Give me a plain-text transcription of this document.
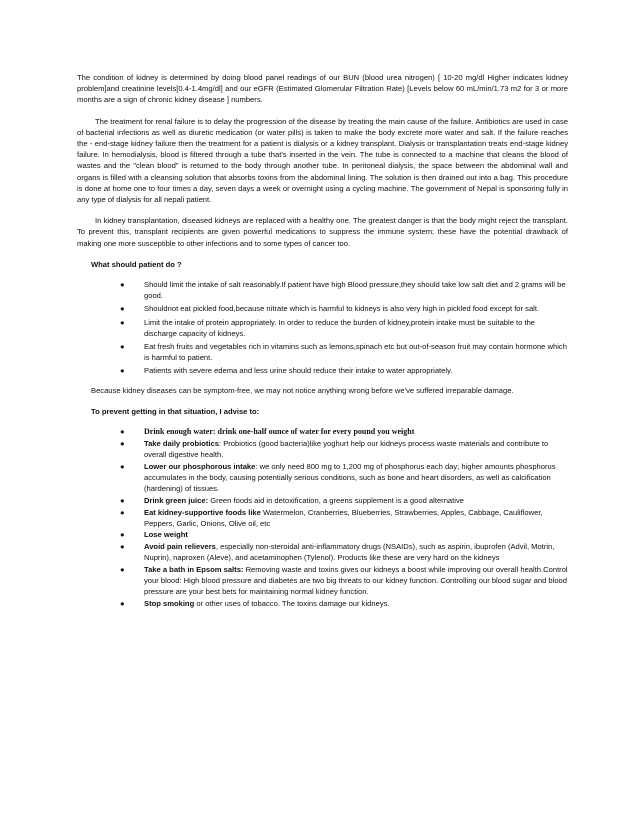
The condition of kidney is determined by doing blood panel readings of our BUN (blood urea nitrogen) [ 10-20 mg/dl Higher indicates kidney problem]and creatinine levels[0.4-1.4mg/dl] and our eGFR (Estimated Glomerular Filtration Rate) [Levels below 60 mL/min/1.73 m2 for 3 or more months are a sign of chronic kidney disease ] numbers.

The treatment for renal failure is to delay the progression of the disease by treating the main cause of the failure. Antibiotics are used in case of bacterial infections as well as diuretic medication (or water pills) is taken to make the body excrete more water and salt. If the failure reaches the - end-stage kidney failure then the treatment for a patient is dialysis or a kidney transplant. Dialysis or transplantation treats end-stage kidney failure. In hemodialysis, blood is filtered through a tube that's inserted in the vein. The tube is connected to a machine that cleans the blood of wastes and the "clean blood" is returned to the body through another tube. In peritoneal dialysis, the space between the abdominal wall and organs is filled with a cleansing solution that absorbs toxins from the abdominal lining. The solution is then drained out into a bag. This procedure is done at home one to four times a day, seven days a week or overnight using a cycling machine. The government of Nepal is sponsoring fully in any type of dialysis for all nepali patient.

In kidney transplantation, diseased kidneys are replaced with a healthy one. The greatest danger is that the body might reject the transplant. To prevent this, transplant recipients are given powerful medications to suppress the immune system; these have the potential drawback of making one more susceptible to other infections and to some types of cancer too.

What should patient do ?

●	Should limit the intake of salt reasonably.If patient have high Blood pressure,they should take low salt diet and 2 grams will be good.
●	Shouldnot eat pickled food,because nitrate which is harmful to kidneys is also very high in pickled food except for salt.
●	Limit the intake of protein appropriately. In order to reduce the burden of kidney,protein intake must be suitable to the discharge capacity of kidneys.
●	Eat fresh fruits and vegetables rich in vitamins such as lemons,spinach etc but out-of-season fruit may contain hormone which is harmful to patient.
●	Patients with severe edema and less urine should reduce their intake to water appropriately.

Because kidney diseases can be symptom-free, we may not notice anything wrong before we've suffered irreparable damage.

To prevent getting in that situation, I advise to:

● Drink enough water: drink one-half ounce of water for every pound you weight
●	Take daily probiotics: Probiotics (good bacteria)like yoghurt help our kidneys process waste materials and contribute to overall digestive health.
●	Lower our phosphorous intake: we only need 800 mg to 1,200 mg of phosphorus each day; higher amounts phosphorus accumulates in the body, causing potentially serious conditions, such as bone and heart disorders, as well as calcification (hardening) of tissues.
●	Drink green juice: Green foods aid in detoxification, a greens supplement is a good alternative
●	Eat kidney-supportive foods like Watermelon, Cranberries, Blueberries, Strawberries, Apples, Cabbage, Cauliflower, Peppers, Garlic, Onions, Olive oil, etc
●	Lose weight
●	Avoid pain relievers, especially non-steroidal anti-inflammatory drugs (NSAIDs), such as aspirin, ibuprofen (Advil, Motrin, Nuprin), naproxen (Aleve), and acetaminophen (Tylenol). Products like these are very hard on the kidneys
●	Take a bath in Epsom salts: Removing waste and toxins gives our kidneys a boost while improving our overall health.Control your blood: High blood pressure and diabetes are two big threats to our kidney function. Controlling our blood sugar and blood pressure are your best bets for maintaining normal kidney function.
●	Stop smoking or other uses of tobacco. The toxins damage our kidneys.
